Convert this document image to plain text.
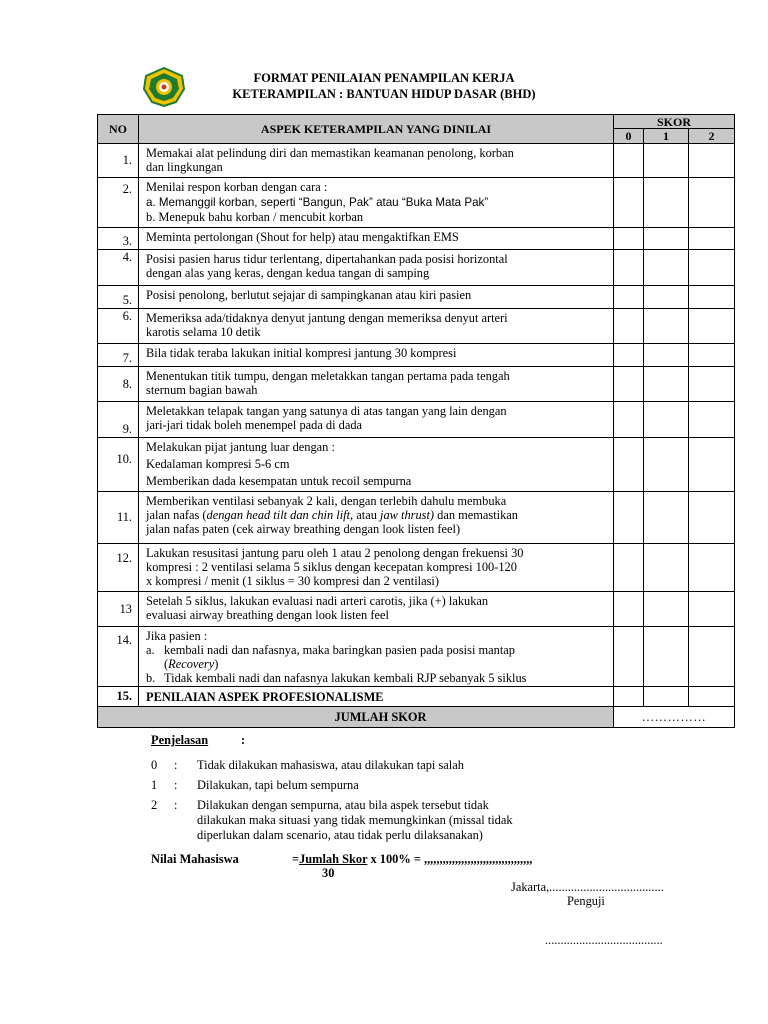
FORMAT PENILAIAN PENAMPILAN KERJA
KETERAMPILAN : BANTUAN HIDUP DASAR (BHD)
NO	ASPEK KETERAMPILAN YANG DINILAI	SKOR		
		0	1	2
1.	Memakai alat pelindung diri dan memastikan keamanan penolong, korban
dan lingkungan			

2.	Menilai respon korban dengan cara :
a. Memanggil korban, seperti “Bangun, Pak” atau “Buka Mata Pak”
b. Menepuk bahu korban / mencubit korban			

3.	Meminta pertolongan (Shout for help) atau mengaktifkan EMS			

4.	Posisi pasien harus tidur terlentang, dipertahankan pada posisi horizontal
dengan alas yang keras, dengan kedua tangan di samping			

5.	Posisi penolong, berlutut sejajar di sampingkanan atau kiri pasien			

6.	Memeriksa ada/tidaknya denyut jantung dengan memeriksa denyut arteri
karotis selama 10 detik			

7.	Bila tidak teraba lakukan initial kompresi jantung 30 kompresi			

8.	Menentukan titik tumpu, dengan meletakkan tangan pertama pada tengah
sternum bagian bawah			

9.	Meletakkan telapak tangan yang satunya di atas tangan yang lain dengan
jari-jari tidak boleh menempel pada di dada			

10.	Melakukan pijat jantung luar dengan :
Kedalaman kompresi 5-6 cm
Memberikan dada kesempatan untuk recoil sempurna			

11.	Memberikan ventilasi sebanyak 2 kali, dengan terlebih dahulu membuka
jalan nafas (dengan head tilt dan chin lift, atau jaw thrust) dan memastikan
jalan nafas paten (cek airway breathing dengan look listen feel)			

12.	Lakukan resusitasi jantung paru oleh 1 atau 2 penolong dengan frekuensi 30
kompresi : 2 ventilasi selama 5 siklus dengan kecepatan kompresi 100-120
x kompresi / menit (1 siklus = 30 kompresi dan 2 ventilasi)			

13	Setelah 5 siklus, lakukan evaluasi nadi arteri carotis, jika (+) lakukan
evaluasi airway breathing dengan look listen feel			

14.	Jika pasien :
a. kembali nadi dan nafasnya, maka baringkan pasien pada posisi mantap
(Recovery)
b. Tidak kembali nadi dan nafasnya lakukan kembali RJP sebanyak 5 siklus			

15.	PENILAIAN ASPEK PROFESIONALISME			
JUMLAH SKOR		……………		
Penjelasan	:
0 : Tidak dilakukan mahasiswa, atau dilakukan tapi salah
1 : Dilakukan, tapi belum sempurna
2 : Dilakukan dengan sempurna, atau bila aspek tersebut tidak
dilakukan maka situasi yang tidak memungkinkan (missal tidak
diperlukan dalam scenario, atau tidak perlu dilaksanakan)
Nilai Mahasiswa	=Jumlah Skor x 100% = ,,,,,,,,,,,,,,,,,,,,,,,,,,,,,,,,,,,
30
Jakarta,.....................................
Penguji
......................................
